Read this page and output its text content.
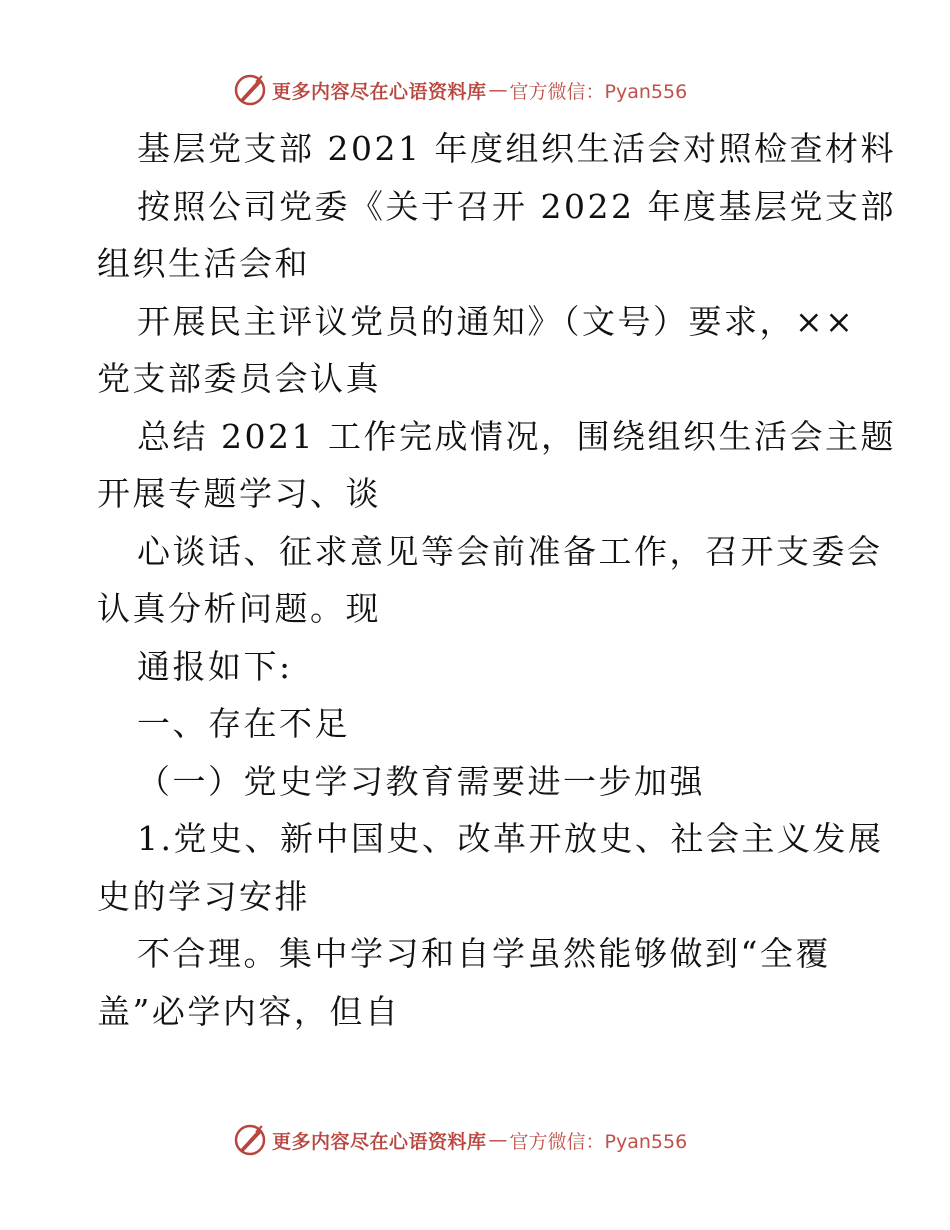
更多内容尽在心语资料库 — 官方微信：Pyan556
基层党支部 2021 年度组织生活会对照检查材料
按照公司党委《关于召开 2022 年度基层党支部
组织生活会和
开展民主评议党员的通知》（文号）要求，××
党支部委员会认真
总结 2021 工作完成情况，围绕组织生活会主题
开展专题学习、谈
心谈话、征求意见等会前准备工作，召开支委会
认真分析问题。现
通报如下:
一、存在不足
（一）党史学习教育需要进一步加强
1.党史、新中国史、改革开放史、社会主义发展
史的学习安排
不合理。集中学习和自学虽然能够做到“全覆
盖”必学内容，但自
更多内容尽在心语资料库 — 官方微信：Pyan556
